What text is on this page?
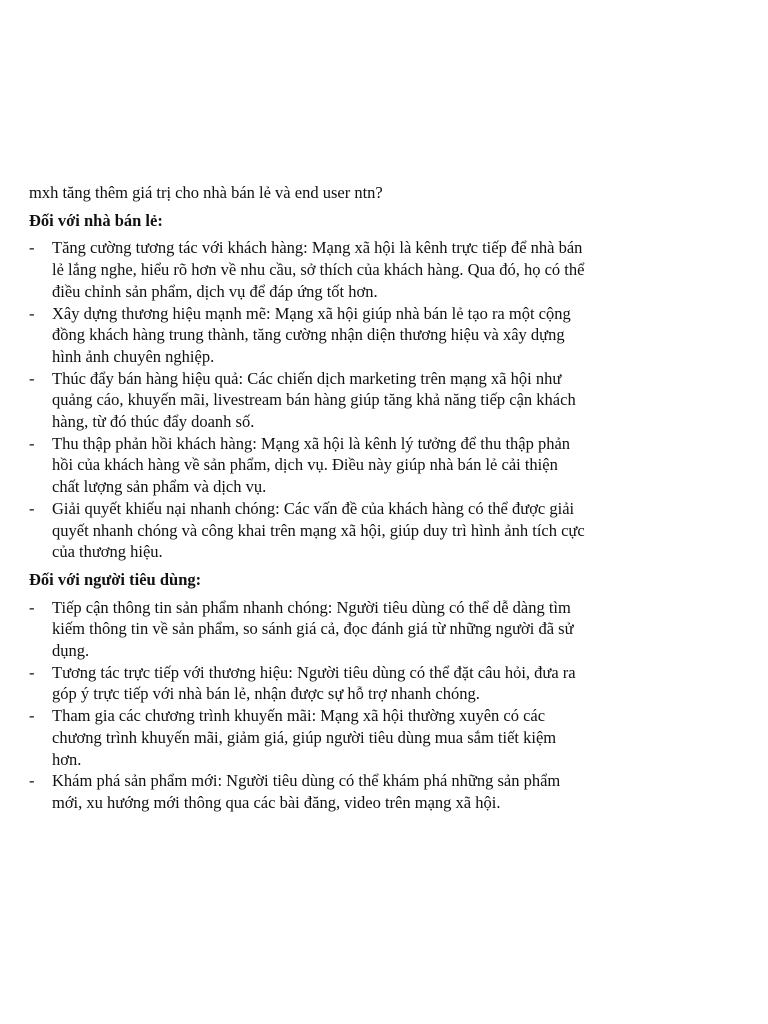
mxh tăng thêm giá trị cho nhà bán lẻ và end user ntn?

Đối với nhà bán lẻ:

- Tăng cường tương tác với khách hàng: Mạng xã hội là kênh trực tiếp để nhà bán lẻ lắng nghe, hiểu rõ hơn về nhu cầu, sở thích của khách hàng. Qua đó, họ có thể điều chỉnh sản phẩm, dịch vụ để đáp ứng tốt hơn.
- Xây dựng thương hiệu mạnh mẽ: Mạng xã hội giúp nhà bán lẻ tạo ra một cộng đồng khách hàng trung thành, tăng cường nhận diện thương hiệu và xây dựng hình ảnh chuyên nghiệp.
- Thúc đẩy bán hàng hiệu quả: Các chiến dịch marketing trên mạng xã hội như quảng cáo, khuyến mãi, livestream bán hàng giúp tăng khả năng tiếp cận khách hàng, từ đó thúc đẩy doanh số.
- Thu thập phản hồi khách hàng: Mạng xã hội là kênh lý tưởng để thu thập phản hồi của khách hàng về sản phẩm, dịch vụ. Điều này giúp nhà bán lẻ cải thiện chất lượng sản phẩm và dịch vụ.
- Giải quyết khiếu nại nhanh chóng: Các vấn đề của khách hàng có thể được giải quyết nhanh chóng và công khai trên mạng xã hội, giúp duy trì hình ảnh tích cực của thương hiệu.

Đối với người tiêu dùng:

- Tiếp cận thông tin sản phẩm nhanh chóng: Người tiêu dùng có thể dễ dàng tìm kiếm thông tin về sản phẩm, so sánh giá cả, đọc đánh giá từ những người đã sử dụng.
- Tương tác trực tiếp với thương hiệu: Người tiêu dùng có thể đặt câu hỏi, đưa ra góp ý trực tiếp với nhà bán lẻ, nhận được sự hỗ trợ nhanh chóng.
- Tham gia các chương trình khuyến mãi: Mạng xã hội thường xuyên có các chương trình khuyến mãi, giảm giá, giúp người tiêu dùng mua sắm tiết kiệm hơn.
- Khám phá sản phẩm mới: Người tiêu dùng có thể khám phá những sản phẩm mới, xu hướng mới thông qua các bài đăng, video trên mạng xã hội.
